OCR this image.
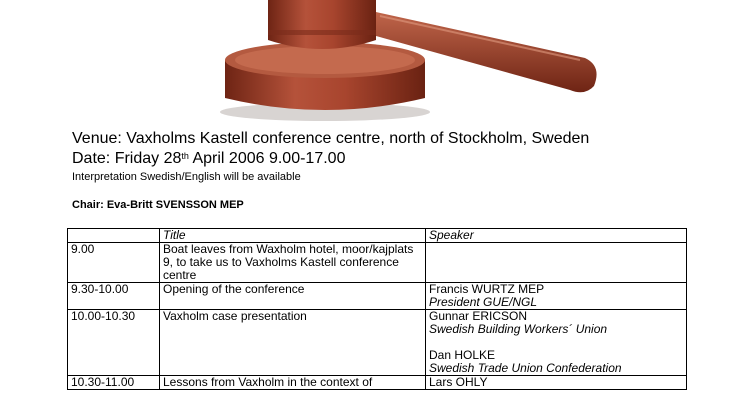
Venue: Vaxholms Kastell conference centre, north of Stockholm, Sweden
Date: Friday 28th April 2006 9.00-17.00
Interpretation Swedish/English will be available
Chair: Eva-Britt SVENSSON MEP
	Title	Speaker
9.00	Boat leaves from Waxholm hotel, moor/kajplats 9, to take us to Vaxholms Kastell conference centre	
9.30-10.00	Opening of the conference	Francis WURTZ MEP
President GUE/NGL

10.00-10.30	Vaxholm case presentation	Gunnar ERICSON
Swedish Building Workers´ Union
Dan HOLKE
Swedish Trade Union Confederation

10.30-11.00	Lessons from Vaxholm in the context of	Lars OHLY
